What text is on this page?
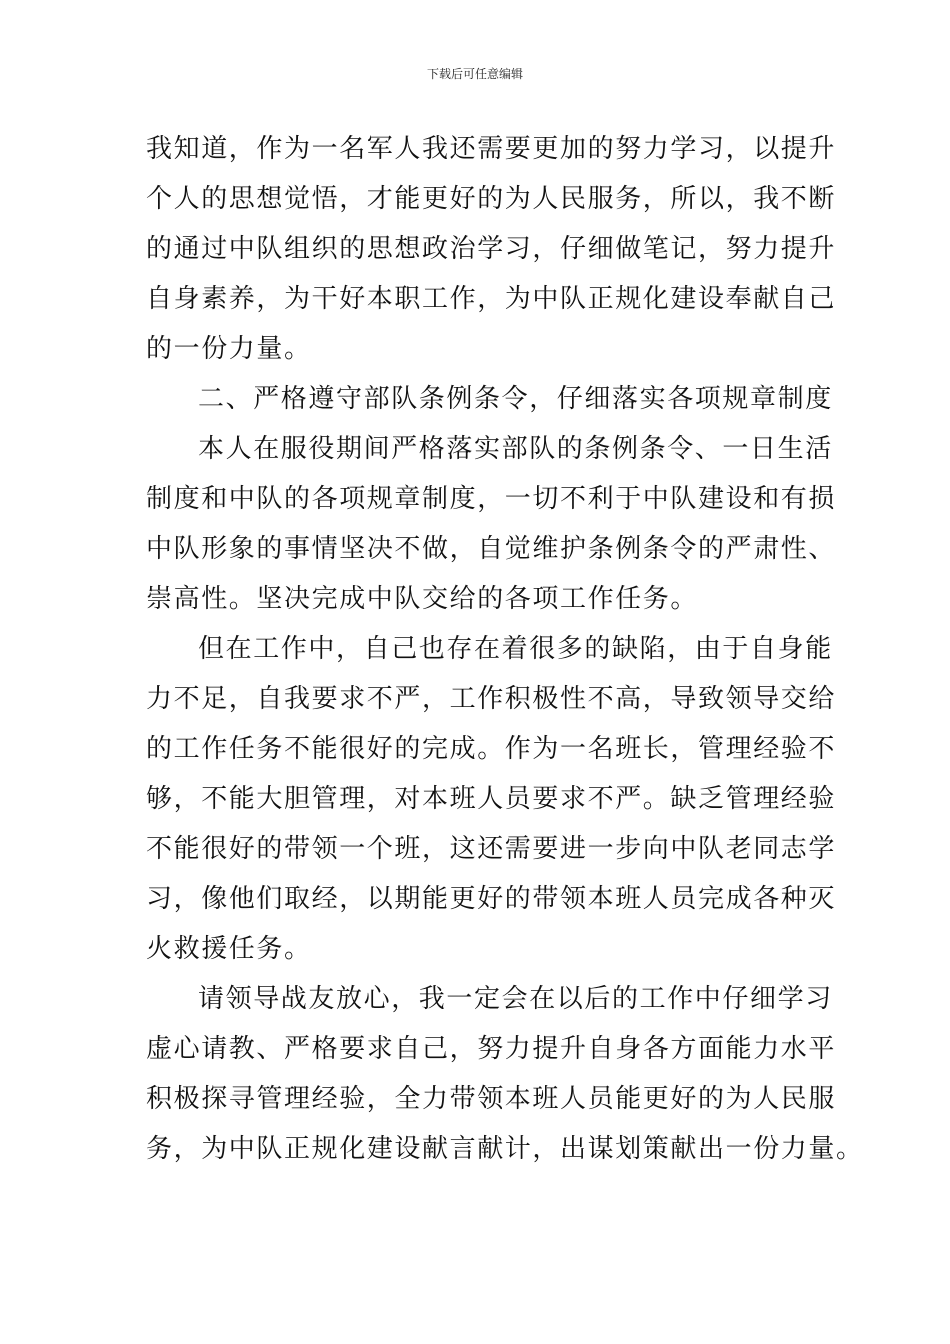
下载后可任意编辑
我知道，作为一名军人我还需要更加的努力学习，以提升
个人的思想觉悟，才能更好的为人民服务，所以，我不断
的通过中队组织的思想政治学习，仔细做笔记，努力提升
自身素养，为干好本职工作，为中队正规化建设奉献自己
的一份力量。
二、严格遵守部队条例条令，仔细落实各项规章制度
本人在服役期间严格落实部队的条例条令、一日生活
制度和中队的各项规章制度，一切不利于中队建设和有损
中队形象的事情坚决不做，自觉维护条例条令的严肃性、
崇高性。坚决完成中队交给的各项工作任务。
但在工作中，自己也存在着很多的缺陷，由于自身能
力不足，自我要求不严，工作积极性不高，导致领导交给
的工作任务不能很好的完成。作为一名班长，管理经验不
够，不能大胆管理，对本班人员要求不严。缺乏管理经验
不能很好的带领一个班，这还需要进一步向中队老同志学
习，像他们取经，以期能更好的带领本班人员完成各种灭
火救援任务。
请领导战友放心，我一定会在以后的工作中仔细学习
虚心请教、严格要求自己，努力提升自身各方面能力水平
积极探寻管理经验，全力带领本班人员能更好的为人民服
务，为中队正规化建设献言献计，出谋划策献出一份力量。
